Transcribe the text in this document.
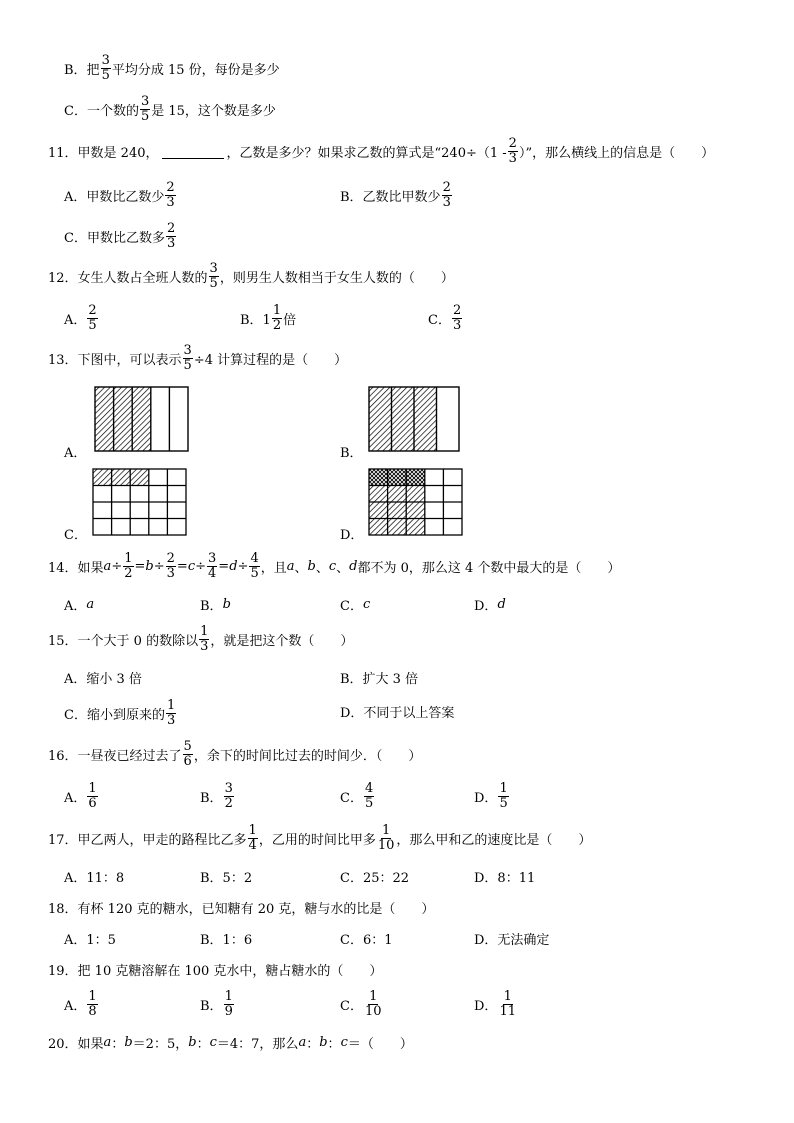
B．把 $\frac{3}{5}$ 平均分成 15 份，每份是多少
C．一个数的 $\frac{3}{5}$ 是 15，这个数是多少
11．甲数是 240，	，乙数是多少？如果求乙数的算式是“$240\div(1 - \frac{2}{3}$ ）”，那么横线上的信息是（　　）
A．甲数比乙数少 $\frac{2}{3}$	B．乙数比甲数少 $\frac{2}{3}$
C．甲数比乙数多 $\frac{2}{3}$
12．女生人数占全班人数的 $\frac{3}{5}$ ，则男生人数相当于女生人数的（　　）
A． $\frac{2}{5}$	B．$1 \frac{1}{2}$ 倍	C． $\frac{2}{3}$
13．下图中，可以表示 $\frac{3}{5} \div 4$ 计算过程的是（　　）
A．	B．
C．	D．
14．如果 $a \div \frac{1}{2} = b \div \frac{2}{3} = c \div \frac{3}{4} = d \div \frac{4}{5}$ ，且 a 、 b 、 c 、 d 都不为 0，那么这 4 个数中最大的是（　　）
A． a	B． b	C． c	D． d
15．一个大于 0 的数除以 $\frac{1}{3}$ ，就是把这个数（　　）
A．缩小 3 倍	B．扩大 3 倍
C．缩小到原来的 $\frac{1}{3}$	D．不同于以上答案
16．一昼夜已经过去了 $\frac{5}{6}$ ，余下的时间比过去的时间少．（　　）
A． $\frac{1}{6}$	B． $\frac{3}{2}$	C． $\frac{4}{5}$	D． $\frac{1}{5}$
17．甲乙两人，甲走的路程比乙多 $\frac{1}{4}$ ，乙用的时间比甲多 $\frac{1}{10}$ ，那么甲和乙的速度比是（　　）
A．11：8	B．5：2	C．25：22	D．8：11
18．有杯 120 克的糖水，已知糖有 20 克，糖与水的比是（　　）
A．1：5	B．1：6	C．6：1	D．无法确定
19．把 10 克糖溶解在 100 克水中，糖占糖水的（　　）
A． $\frac{1}{8}$	B． $\frac{1}{9}$	C． $\frac{1}{10}$	D． $\frac{1}{11}$
20．如果 a ： b ＝ 2：5 ， b ： c ＝ 4：7 ，那么 a ： b ： c ＝ （　　）
